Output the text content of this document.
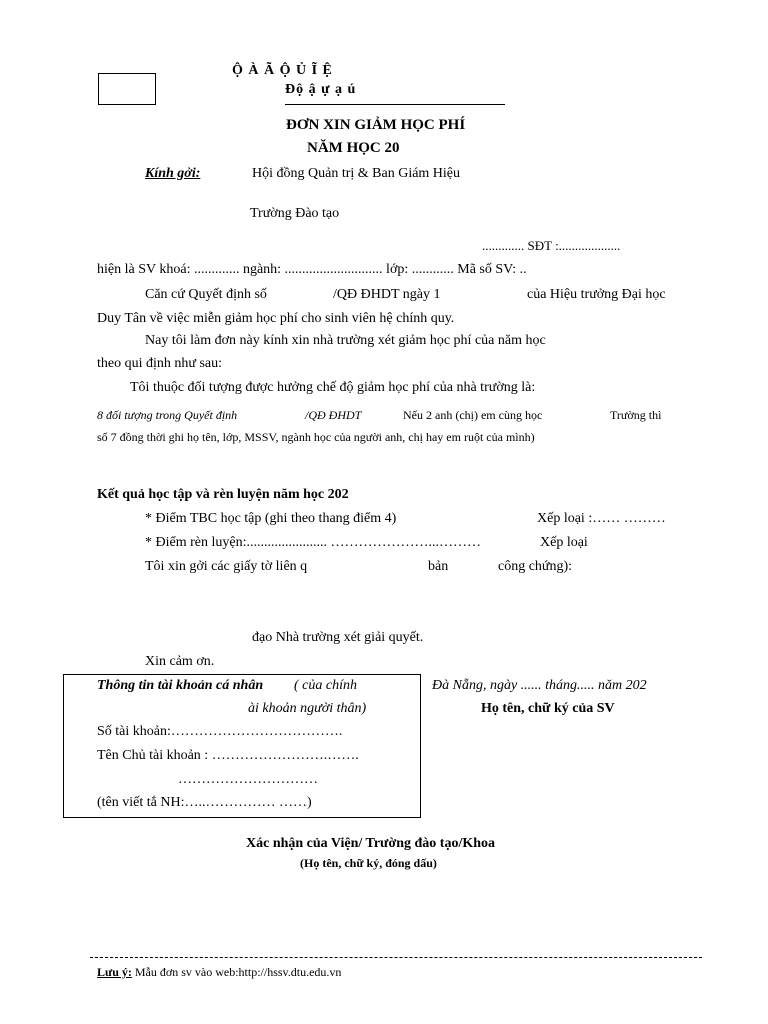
Ộ À Ã Ộ Ủ Ĩ Ệ
Độ ậ ự ạ ú
ĐƠN XIN GIẢM HỌC PHÍ
NĂM HỌC 20
Kính gởi:	Hội đồng Quản trị & Ban Giám Hiệu
Trường Đào tạo
............. SĐT :...................
hiện là SV khoá: ............. ngành: ............................ lớp: ............ Mã số SV: ..
Căn cứ Quyết định số	/QĐ ĐHDT ngày 1	của Hiệu trưởng Đại học
Duy Tân về việc miễn giảm học phí cho sinh viên hệ chính quy.
Nay tôi làm đơn này kính xin nhà trường xét giảm học phí của năm học
theo qui định như sau:
Tôi thuộc đối tượng được hưởng chế độ giảm học phí của nhà trường là:
8 đối tượng trong Quyết định	/QĐ ĐHDT	Nếu 2 anh (chị) em cùng học	Trường thì
số 7 đồng thời ghi họ tên, lớp, MSSV, ngành học của người anh, chị hay em ruột của mình)
Kết quả học tập và rèn luyện năm học 202
* Điểm TBC học tập (ghi theo thang điểm 4)	Xếp loại :…… ………
* Điểm rèn luyện:....................... …………………...………	Xếp loại
Tôi xin gởi các giấy tờ liên q	bản	công chứng):
đạo Nhà trường xét giải quyết.
Xin cảm ơn.
Thông tin tài khoản cá nhân ( của chính
ài khoản người thân)
Số tài khoản:……………………………….
Tên Chủ tài khoản : …………………….…….
…………………………
(tên viết tắ NH:…..…………… ……)
Đà Nẵng, ngày ...... tháng..... năm 202
Họ tên, chữ ký của SV
Xác nhận của Viện/ Trường đào tạo/Khoa
(Họ tên, chữ ký, đóng dấu)
Lưu ý: Mẫu đơn sv vào web:http://hssv.dtu.edu.vn
